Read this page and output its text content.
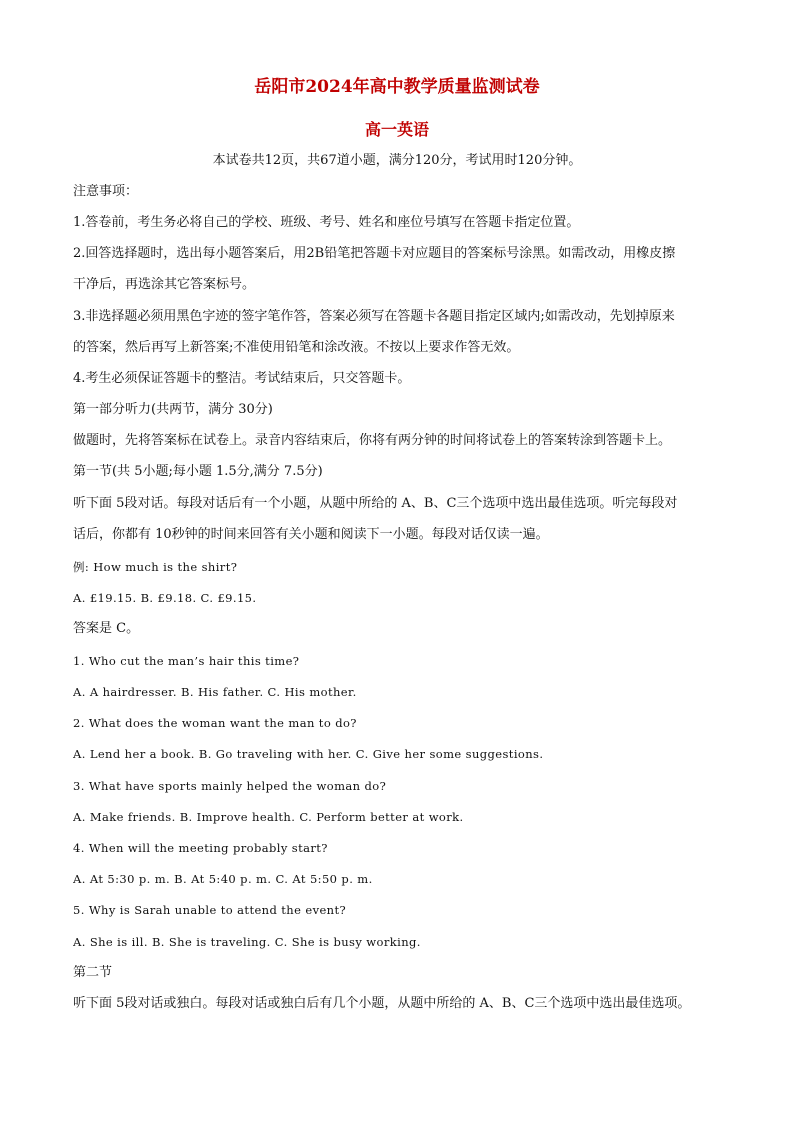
岳阳市2024年高中教学质量监测试卷
高一英语
本试卷共12页，共67道小题，满分120分，考试用时120分钟。
注意事项：
1.答卷前，考生务必将自己的学校、班级、考号、姓名和座位号填写在答题卡指定位置。
2.回答选择题时，选出每小题答案后，用2B铅笔把答题卡对应题目的答案标号涂黑。如需改动，用橡皮擦
干净后，再选涂其它答案标号。
3.非选择题必须用黑色字迹的签字笔作答，答案必须写在答题卡各题目指定区域内;如需改动，先划掉原来
的答案，然后再写上新答案;不准使用铅笔和涂改液。不按以上要求作答无效。
4.考生必须保证答题卡的整洁。考试结束后，只交答题卡。
第一部分听力(共两节，满分 30分)
做题时，先将答案标在试卷上。录音内容结束后，你将有两分钟的时间将试卷上的答案转涂到答题卡上。
第一节(共 5小题;每小题 1.5分,满分 7.5分)
听下面 5段对话。每段对话后有一个小题，从题中所给的 A、B、C三个选项中选出最佳选项。听完每段对
话后，你都有 10秒钟的时间来回答有关小题和阅读下一小题。每段对话仅读一遍。
例: How much is the shirt?
A. £19.15. B. £9.18. C. £9.15.
答案是 C。
1. Who cut the man’s hair this time?
A. A hairdresser. B. His father. C. His mother.
2. What does the woman want the man to do?
A. Lend her a book. B. Go traveling with her. C. Give her some suggestions.
3. What have sports mainly helped the woman do?
A. Make friends. B. Improve health. C. Perform better at work.
4. When will the meeting probably start?
A. At 5:30 p. m. B. At 5:40 p. m. C. At 5:50 p. m.
5. Why is Sarah unable to attend the event?
A. She is ill. B. She is traveling. C. She is busy working.
第二节
听下面 5段对话或独白。每段对话或独白后有几个小题，从题中所给的 A、B、C三个选项中选出最佳选项。
